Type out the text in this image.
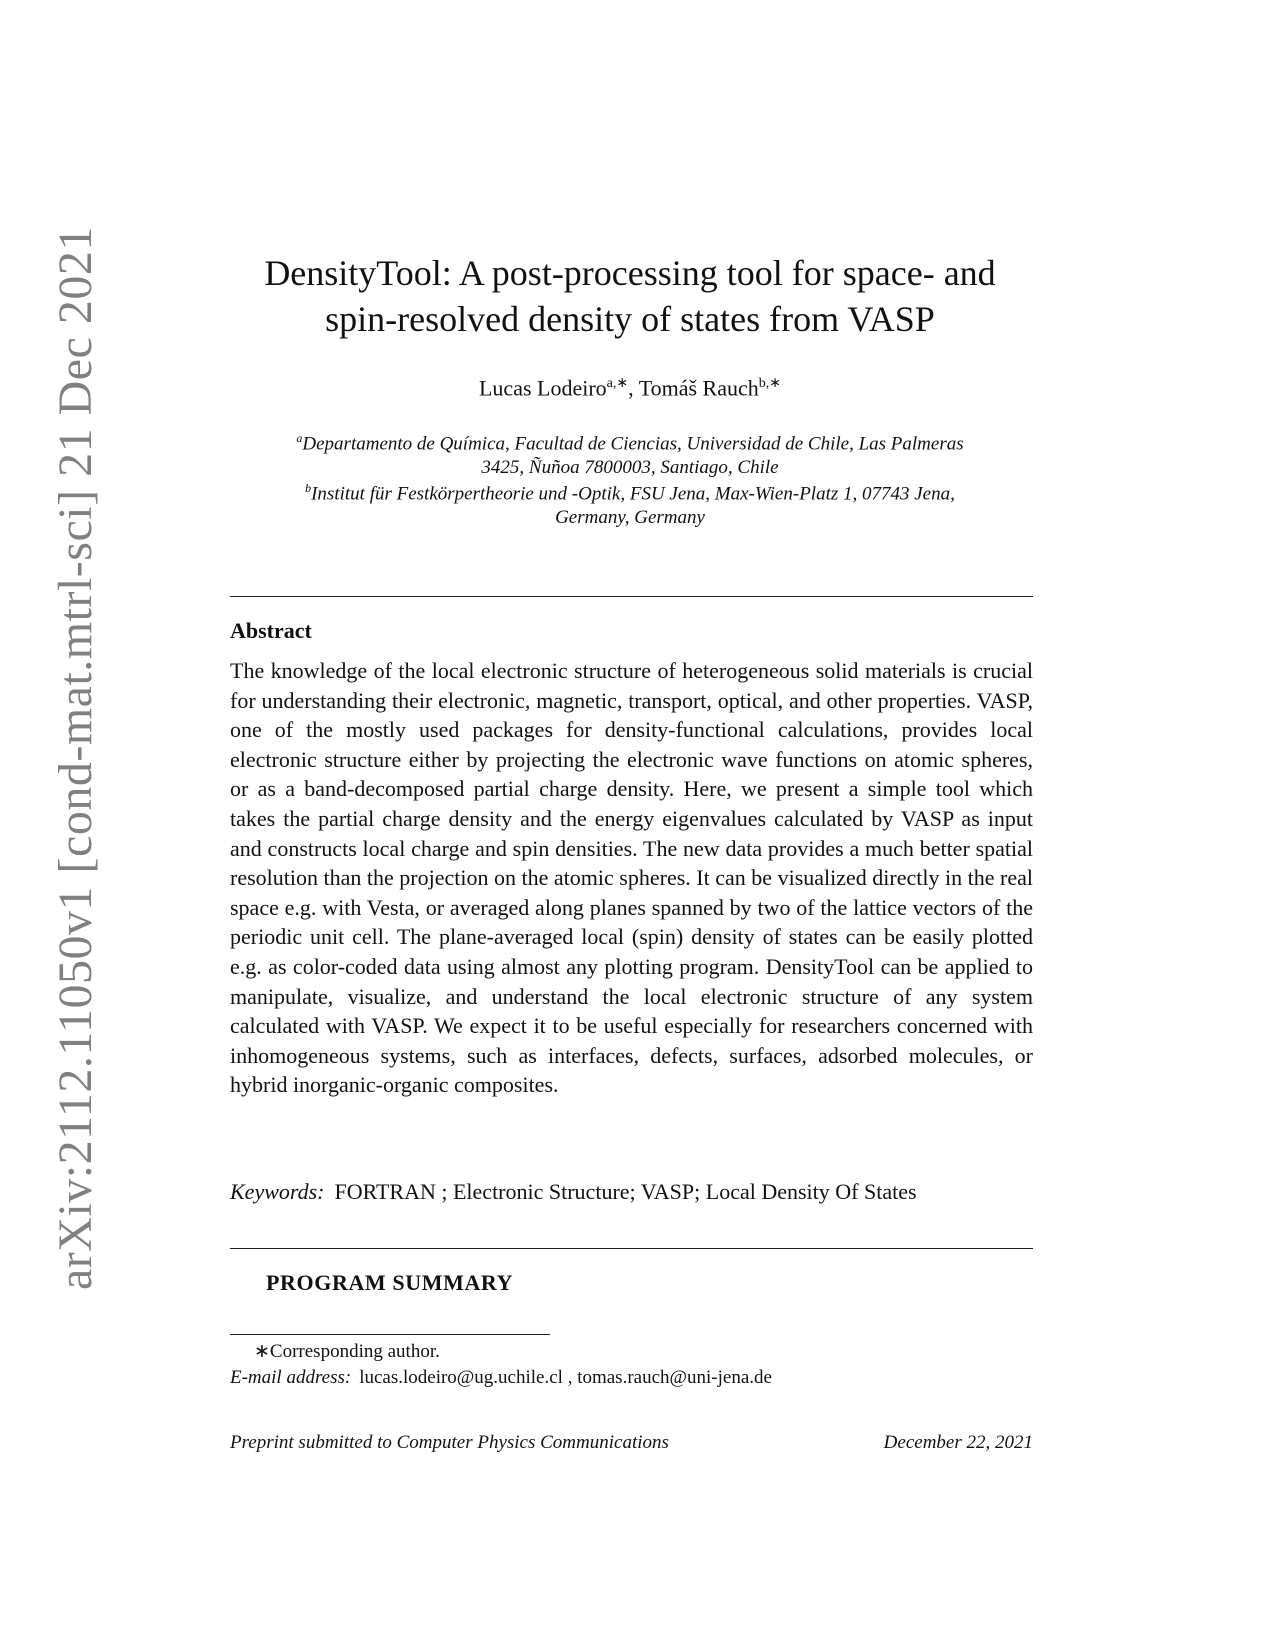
arXiv:2112.11050v1 [cond-mat.mtrl-sci] 21 Dec 2021	DensityTool: A post-processing tool for space- and
spin-resolved density of states from VASP
Lucas Lodeiro$^{a,∗}$, Tomáš Rauch$^{b,∗}$
$^a$Departamento de Química, Facultad de Ciencias, Universidad de Chile, Las Palmeras
3425, Ñuñoa 7800003, Santiago, Chile
$^b$Institut für Festkörpertheorie und -Optik, FSU Jena, Max-Wien-Platz 1, 07743 Jena,
Germany, Germany
Abstract
The knowledge of the local electronic structure of heterogeneous solid materials is crucial for understanding their electronic, magnetic, transport, optical, and other properties. VASP, one of the mostly used packages for density-functional calculations, provides local electronic structure either by projecting the electronic wave functions on atomic spheres, or as a band-decomposed partial charge density. Here, we present a simple tool which takes the partial charge density and the energy eigenvalues calculated by VASP as input and constructs local charge and spin densities. The new data provides a much better spatial resolution than the projection on the atomic spheres. It can be visualized directly in the real space e.g. with Vesta, or averaged along planes spanned by two of the lattice vectors of the periodic unit cell. The plane-averaged local (spin) density of states can be easily plotted e.g. as color-coded data using almost any plotting program. DensityTool can be applied to manipulate, visualize, and understand the local electronic structure of any system calculated with VASP. We expect it to be useful especially for researchers concerned with inhomogeneous systems, such as interfaces, defects, surfaces, adsorbed molecules, or hybrid inorganic-organic composites.
Keywords: FORTRAN ; Electronic Structure; VASP; Local Density Of States
PROGRAM SUMMARY
∗Corresponding author.
E-mail address: lucas.lodeiro@ug.uchile.cl , tomas.rauch@uni-jena.de
Preprint submitted to Computer Physics Communications	December 22, 2021
